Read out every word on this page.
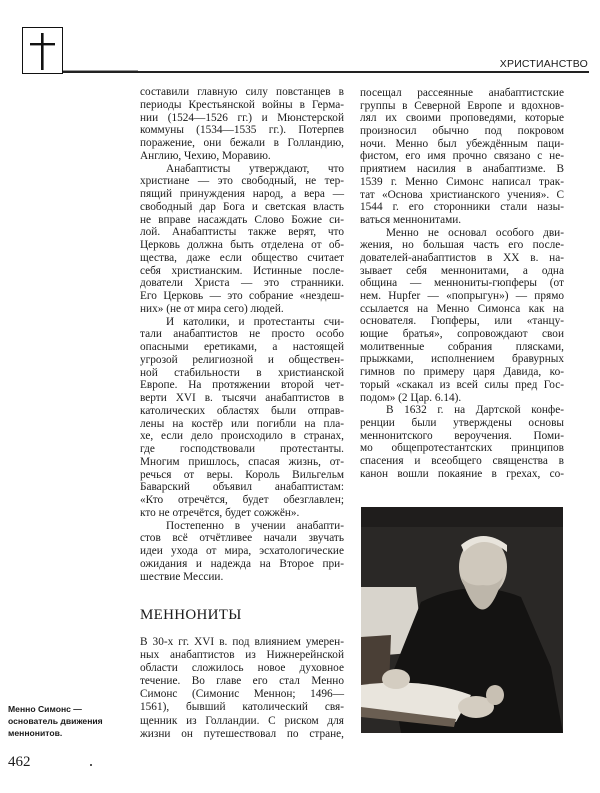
ХРИСТИАНСТВО
составили главную силу повстанцев в
периоды Крестьянской войны в Герма-
нии (1524—1526 гг.) и Мюнстерской
коммуны (1534—1535 гг.). Потерпев
поражение, они бежали в Голландию,
Англию, Чехию, Моравию.
Анабаптисты утверждают, что
христиане — это свободный, не тер-
пящий принуждения народ, а вера —
свободный дар Бога и светская власть
не вправе насаждать Слово Божие си-
лой. Анабаптисты также верят, что
Церковь должна быть отделена от об-
щества, даже если общество считает
себя христианским. Истинные после-
дователи Христа — это странники.
Его Церковь — это собрание «нездеш-
них» (не от мира сего) людей.
И католики, и протестанты счи-
тали анабаптистов не просто особо
опасными еретиками, а настоящей
угрозой религиозной и обществен-
ной стабильности в христианской
Европе. На протяжении второй чет-
верти XVI в. тысячи анабаптистов в
католических областях были отправ-
лены на костёр или погибли на пла-
хе, если дело происходило в странах,
где господствовали протестанты.
Многим пришлось, спасая жизнь, от-
речься от веры. Король Вильгельм
Баварский объявил анабаптистам:
«Кто отречётся, будет обезглавлен;
кто не отречётся, будет сожжён».
Постепенно в учении анабапти-
стов всё отчётливее начали звучать
идеи ухода от мира, эсхатологические
ожидания и надежда на Второе при-
шествие Мессии.
МЕННОНИТЫ
В 30-х гг. XVI в. под влиянием умерен-
ных анабаптистов из Нижнерейнской
области сложилось новое духовное
течение. Во главе его стал Менно
Симонс (Симонис Меннон; 1496—
1561), бывший католический свя-
щенник из Голландии. С риском для
жизни он путешествовал по стране,
посещал рассеянные анабаптистские
группы в Северной Европе и вдохнов-
лял их своими проповедями, которые
произносил обычно под покровом
ночи. Менно был убеждённым паци-
фистом, его имя прочно связано с не-
приятием насилия в анабаптизме. В
1539 г. Менно Симонс написал трак-
тат «Основа христианского учения». С
1544 г. его сторонники стали назы-
ваться меннонитами.
Менно не основал особого дви-
жения, но большая часть его после-
дователей-анабаптистов в XX в. на-
зывает себя меннонитами, а одна
община — меннониты-гюпферы (от
нем. Hupfer — «попрыгун») — прямо
ссылается на Менно Симонса как на
основателя. Гюпферы, или «танцу-
ющие братья», сопровождают свои
молитвенные собрания плясками,
прыжками, исполнением бравурных
гимнов по примеру царя Давида, ко-
торый «скакал из всей силы пред Гос-
подом» (2 Цар. 6.14).
В 1632 г. на Дартской конфе-
ренции были утверждены основы
меннонитского вероучения. Поми-
мо общепротестантских принципов
спасения и всеобщего священства в
канон вошли покаяние в грехах, со-
Менно Симонс —
основатель движения
меннонитов.
462
